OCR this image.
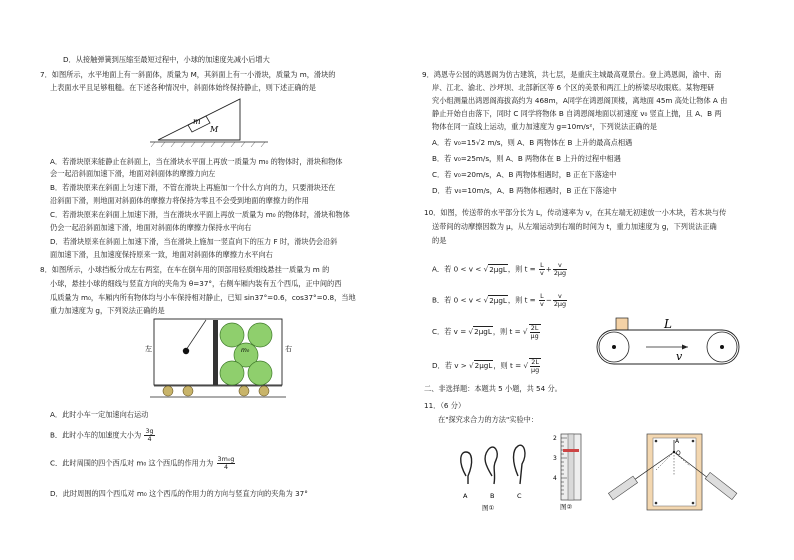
D．从接触弹簧到压缩至最短过程中，小球的加速度先减小后增大
7．如图所示，水平地面上有一斜面体，质量为 M，其斜面上有一小滑块，质量为 m，滑块的
上表面水平且足够粗糙。在下述各种情况中，斜面体始终保持静止，则下述正确的是
m
M
A．若滑块原来能静止在斜面上，当在滑块水平面上再放一质量为 m₀ 的物体时，滑块和物体
会一起沿斜面加速下滑，地面对斜面体的摩擦力向左
B．若滑块原来在斜面上匀速下滑，不管在滑块上再施加一个什么方向的力，只要滑块还在
沿斜面下滑，则地面对斜面体的摩擦力将保持为零且不会受到地面的摩擦力的作用
C．若滑块原来在斜面上加速下滑，当在滑块水平面上再放一质量为 m₀ 的物体时，滑块和物体
仍会一起沿斜面加速下滑，地面对斜面体的摩擦力保持水平向右
D．若滑块原来在斜面上加速下滑，当在滑块上施加一竖直向下的压力 F 时，滑块仍会沿斜
面加速下滑，且加速度保持原来一致，地面对斜面体的摩擦力水平向右
8．如图所示，小球挡板分成左右两室，在车在倒车用的顶部用轻质细线悬挂一质量为 m 的
小球，悬挂小球的细线与竖直方向的夹角为 θ=37°，右侧车厢内装有五个西瓜，正中间的西
瓜质量为 m₀，车厢内所有物体均与小车保持相对静止，已知 sin37°=0.6，cos37°=0.8，当地
重力加速度为 g，下列说法正确的是
左	右
m₀
A．此时小车一定加速向右运动
B．此时小车的加速度大小为 $\frac{3g}{4}$
C．此时周围的四个西瓜对 m₀ 这个西瓜的作用力为 $\frac{\text{3m₀g}}{4}$
D．此时周围的四个西瓜对 m₀ 这个西瓜的作用力的方向与竖直方向的夹角为 37°
9．鸿恩寺公园的鸿恩阁为仿古建筑，共七层，是重庆主城最高观景台。登上鸿恩阁，渝中、南
岸、江北、渝北、沙坪坝、北部新区等 6 个区的美景和两江上的桥梁尽收眼底。某物理研
究小组测量出鸿恩阁海拔高约为 468m，A同学在鸿恩阁顶楼，离地面 45m 高处让物体 A 由
静止开始自由落下，同时 C 同学将物体 B 自鸿恩阁地面以初速度 v₀ 竖直上抛，且 A、B 两
物体在同一直线上运动，重力加速度为 g=10m/s²，下列说法正确的是
A．若 v₀=15√2 m/s，则 A、B 两物体在 B 上升的最高点相遇
B．若 v₀=25m/s，则 A、B 两物体在 B 上升的过程中相遇
C．若 v₀=20m/s，A、B 两物体相遇时，B 正在下落途中
D．若 v₀=10m/s，A、B 两物体相遇时，B 正在下落途中
10．如图，传送带的水平部分长为 L，传动速率为 v，在其左端无初速放一小木块，若木块与传
送带间的动摩擦因数为 μ，从左端运动到右端的时间为 t，重力加速度为 g，下列说法正确
的是
A．若 0 < v < √2μgL，则 $t = \frac{L}{v} + \frac{v}{2\mu g}$
B．若 0 < v < √2μgL，则 $t = \frac{L}{v} - \frac{v}{2\mu g}$
C．若 v = √2μgL，则 t = √ $\frac{2L}{\mu g}$
D．若 v > √2μgL，则 t = √ $\frac{2L}{\mu g}$
L
v
二、非选择题：本题共 5 小题，共 54 分。
11．（6 分）
在"探究求合力的方法"实验中：
A	B	C
图①
2
3
4
图②
A
O
